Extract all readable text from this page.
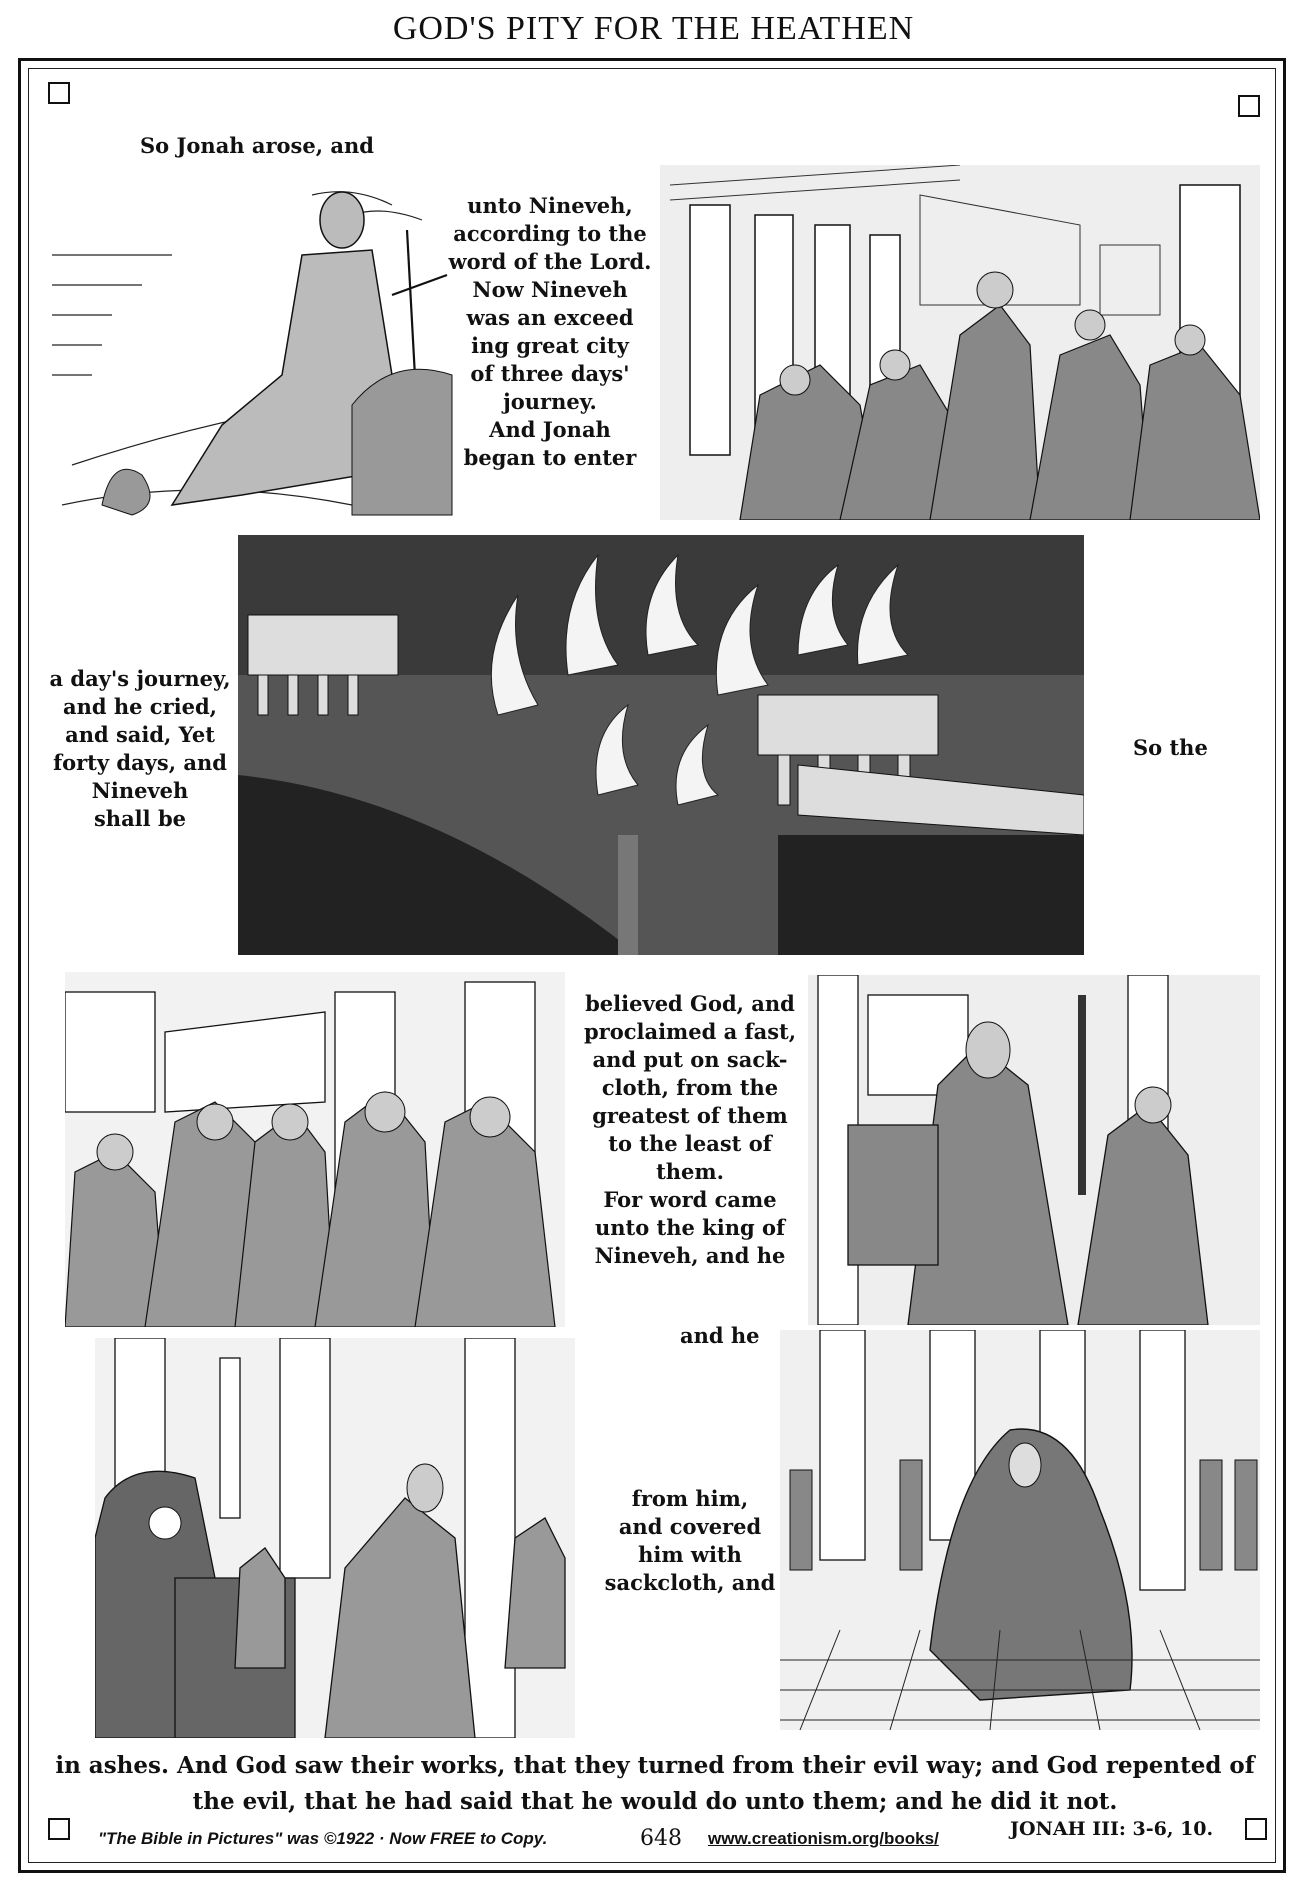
GOD'S PITY FOR THE HEATHEN
So Jonah arose, and
unto Nineveh,
according to the
word of the Lord.
Now Nineveh
was an exceed
ing great city
of three days'
journey.
And Jonah
began to enter
a day's journey,
and he cried,
and said, Yet
forty days, and
Nineveh
shall be
So the
believed God, and
proclaimed a fast,
and put on sack-
cloth, from the
greatest of them
to the least of them.
For word came
unto the king of
Nineveh, and he
and he
from him,
and covered
him with
sackcloth, and
in ashes. And God saw their works, that they turned from their evil way; and God repented of
the evil, that he had said that he would do unto them; and he did it not.
"The Bible in Pictures" was ©1922 · Now FREE to Copy.	648 www.creationism.org/books/	JONAH III: 3-6, 10.
